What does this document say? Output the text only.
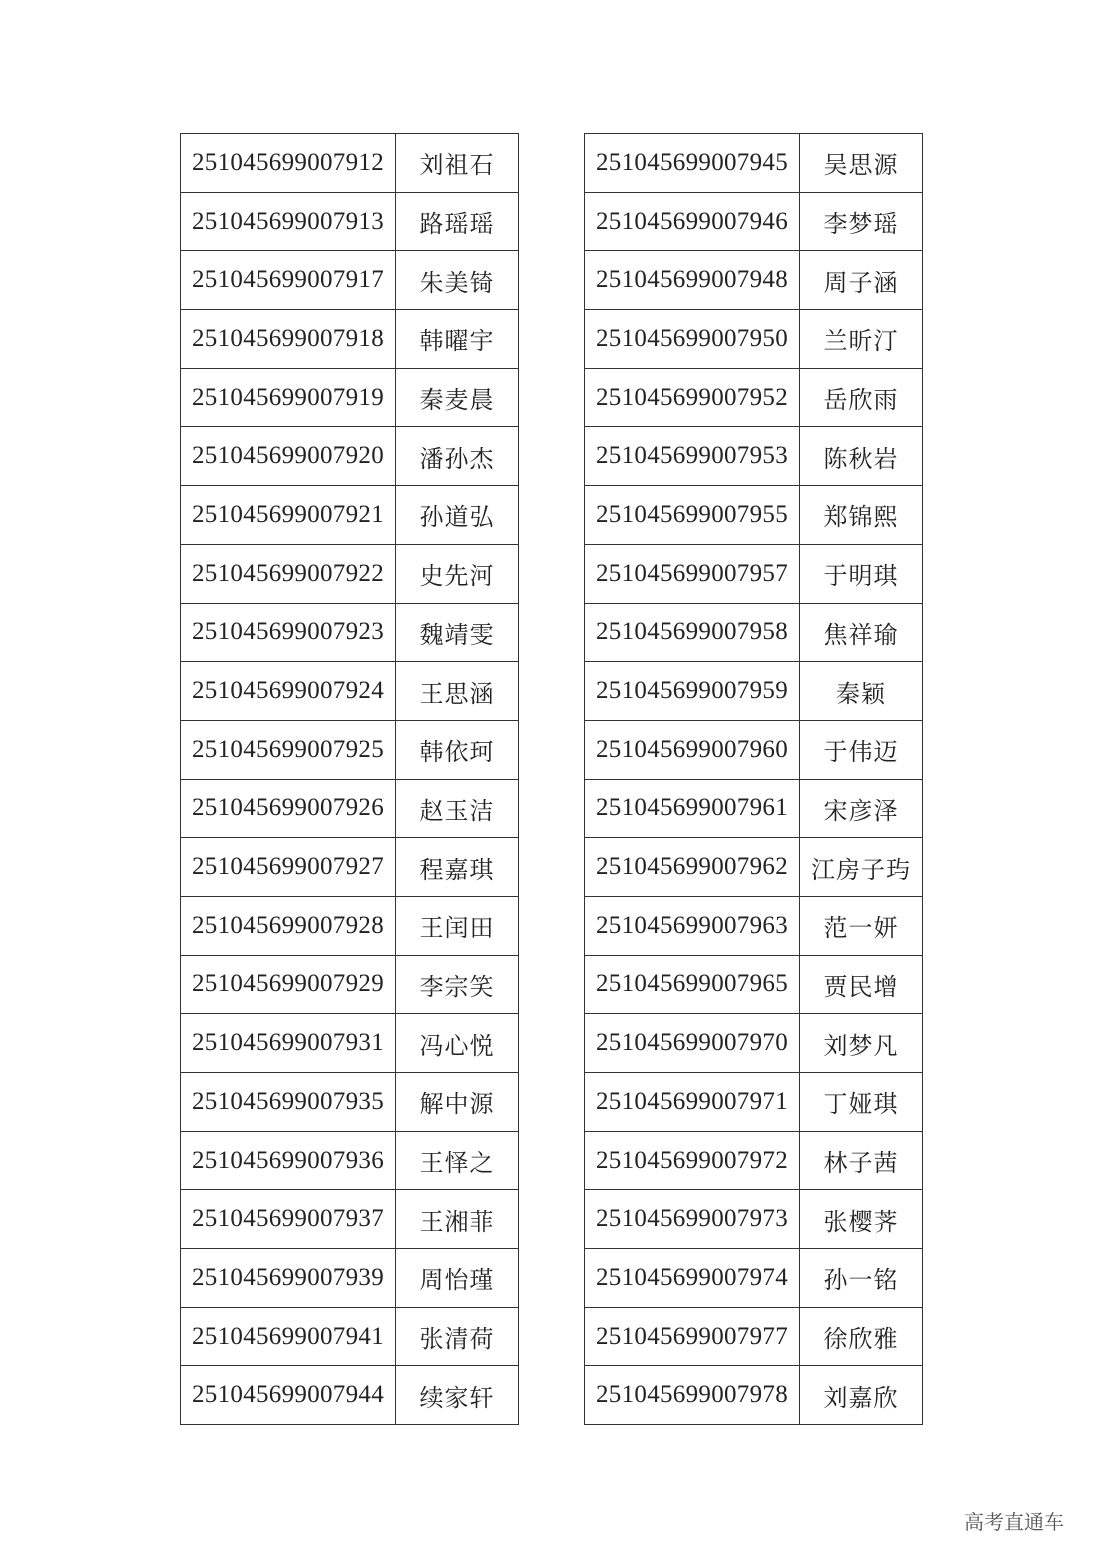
251045699007912	刘祖石
251045699007913	路瑶瑶
251045699007917	朱美锜
251045699007918	韩曜宇
251045699007919	秦麦晨
251045699007920	潘孙杰
251045699007921	孙道弘
251045699007922	史先河
251045699007923	魏靖雯
251045699007924	王思涵
251045699007925	韩依珂
251045699007926	赵玉洁
251045699007927	程嘉琪
251045699007928	王闰田
251045699007929	李宗笑
251045699007931	冯心悦
251045699007935	解中源
251045699007936	王怿之
251045699007937	王湘菲
251045699007939	周怡瑾
251045699007941	张清荷
251045699007944	续家轩
251045699007945	吴思源
251045699007946	李梦瑶
251045699007948	周子涵
251045699007950	兰昕汀
251045699007952	岳欣雨
251045699007953	陈秋岩
251045699007955	郑锦熙
251045699007957	于明琪
251045699007958	焦祥瑜
251045699007959	秦颖
251045699007960	于伟迈
251045699007961	宋彦泽
251045699007962	江房子玙
251045699007963	范一妍
251045699007965	贾民增
251045699007970	刘梦凡
251045699007971	丁娅琪
251045699007972	林子茜
251045699007973	张樱荠
251045699007974	孙一铭
251045699007977	徐欣雅
251045699007978	刘嘉欣
高考直通车
